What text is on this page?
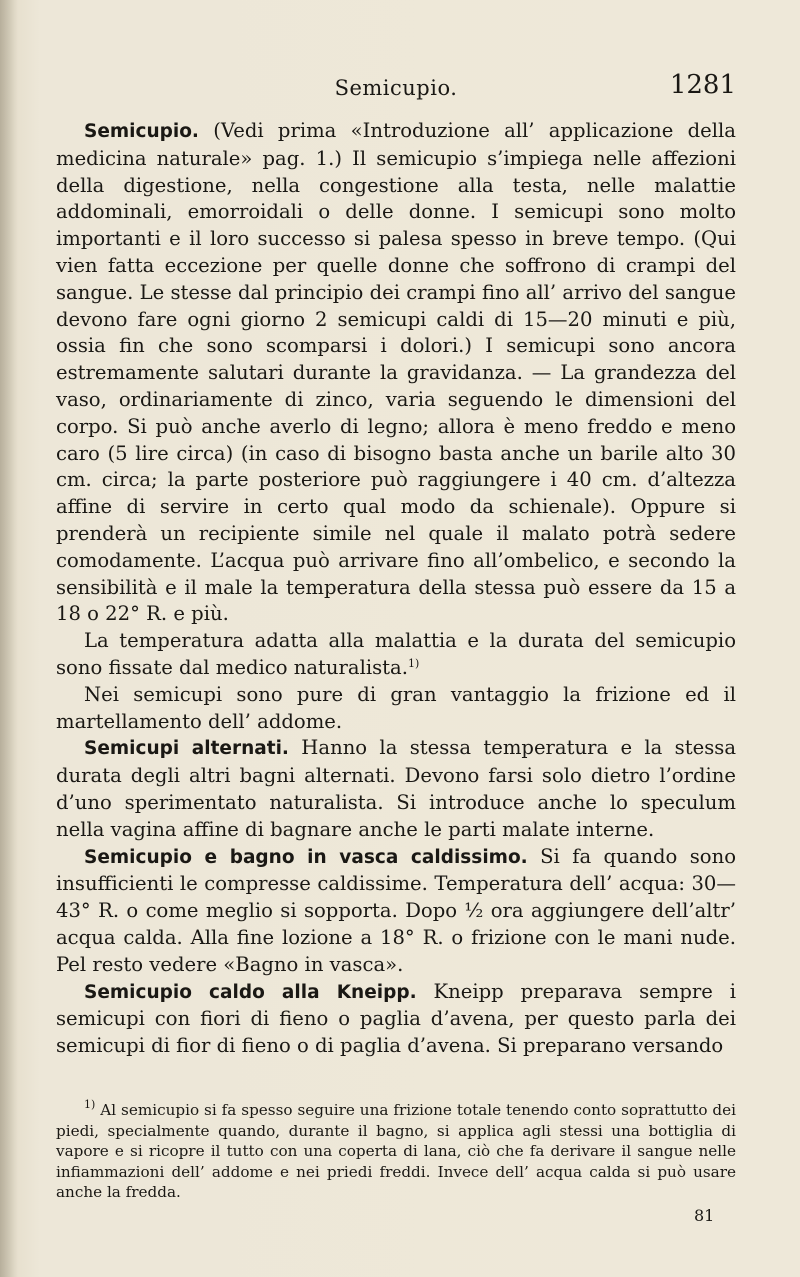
Semicupio.	1281

Semicupio. (Vedi prima «Introduzione all’ applicazione della medicina naturale» pag. 1.) Il semicupio s’impiega nelle affezioni della digestione, nella congestione alla testa, nelle malattie addominali, emorroidali o delle donne. I semicupi sono molto importanti e il loro successo si palesa spesso in breve tempo. (Qui vien fatta eccezione per quelle donne che soffrono di crampi del sangue. Le stesse dal principio dei crampi fino all’ arrivo del sangue devono fare ogni giorno 2 semicupi caldi di 15—20 minuti e più, ossia fin che sono scomparsi i dolori.) I semicupi sono ancora estremamente salutari durante la gravidanza. — La grandezza del vaso, ordinariamente di zinco, varia seguendo le dimensioni del corpo. Si può anche averlo di legno; allora è meno freddo e meno caro (5 lire circa) (in caso di bisogno basta anche un barile alto 30 cm. circa; la parte posteriore può raggiungere i 40 cm. d’altezza affine di servire in certo qual modo da schienale). Oppure si prenderà un recipiente simile nel quale il malato potrà sedere comodamente. L’acqua può arrivare fino all’ombelico, e secondo la sensibilità e il male la temperatura della stessa può essere da 15 a 18 o 22° R. e più.

La temperatura adatta alla malattia e la durata del semicupio sono fissate dal medico naturalista.$^{1)}$

Nei semicupi sono pure di gran vantaggio la frizione ed il martellamento dell’ addome.

Semicupi alternati. Hanno la stessa temperatura e la stessa durata degli altri bagni alternati. Devono farsi solo dietro l’ordine d’uno sperimentato naturalista. Si introduce anche lo speculum nella vagina affine di bagnare anche le parti malate interne.

Semicupio e bagno in vasca caldissimo. Si fa quando sono insufficienti le compresse caldissime. Temperatura dell’ acqua: 30—43° R. o come meglio si sopporta. Dopo ½ ora aggiungere dell’altr’ acqua calda. Alla fine lozione a 18° R. o frizione con le mani nude. Pel resto vedere «Bagno in vasca».

Semicupio caldo alla Kneipp. Kneipp preparava sempre i semicupi con fiori di fieno o paglia d’avena, per questo parla dei semicupi di fior di fieno o di paglia d’avena. Si preparano versando

$^{1)}$ Al semicupio si fa spesso seguire una frizione totale tenendo conto soprattutto dei piedi, specialmente quando, durante il bagno, si applica agli stessi una bottiglia di vapore e si ricopre il tutto con una coperta di lana, ciò che fa derivare il sangue nelle infiammazioni dell’ addome e nei priedi freddi. Invece dell’ acqua calda si può usare anche la fredda.

81
